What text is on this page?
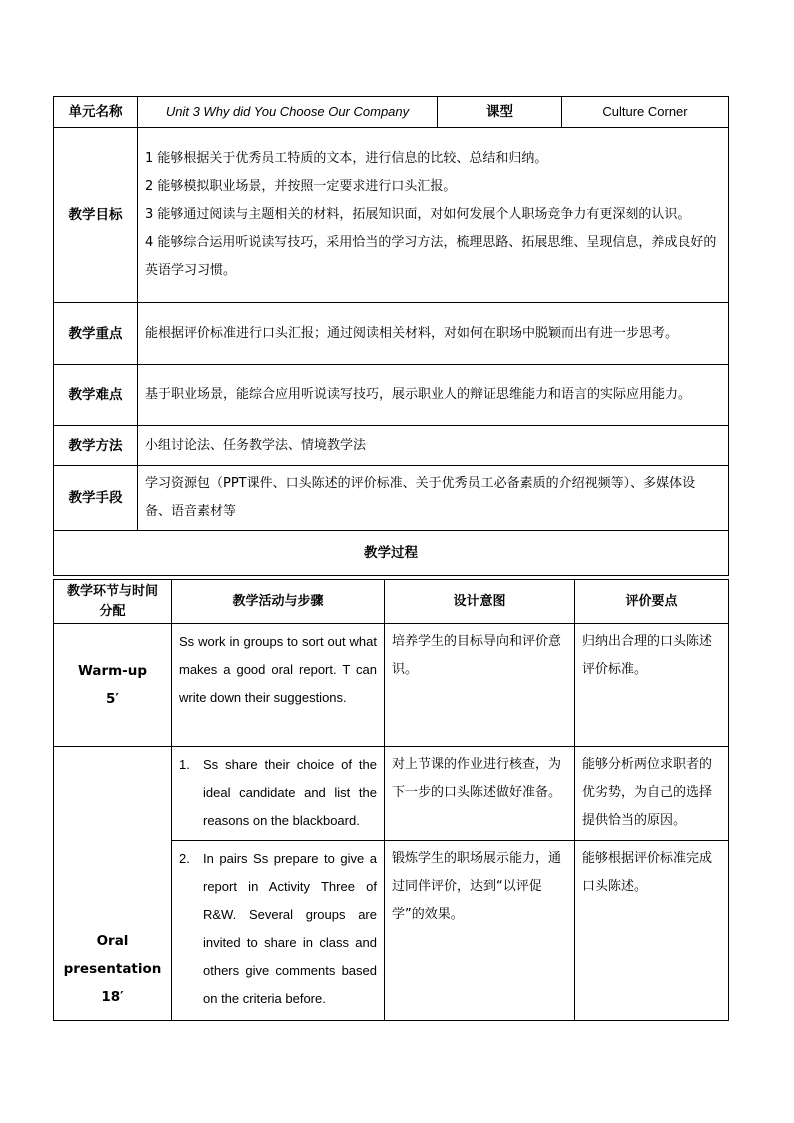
单元名称	Unit 3 Why did You Choose Our Company	课型	Culture Corner
教学目标	1 能够根据关于优秀员工特质的文本，进行信息的比较、总结和归纳。
2 能够模拟职业场景，并按照一定要求进行口头汇报。
3 能够通过阅读与主题相关的材料，拓展知识面，对如何发展个人职场竞争力有更深刻的认识。
4 能够综合运用听说读写技巧，采用恰当的学习方法，梳理思路、拓展思维、呈现信息，养成良好的英语学习习惯。		

教学重点	能根据评价标准进行口头汇报；通过阅读相关材料，对如何在职场中脱颖而出有进一步思考。		
教学难点	基于职业场景，能综合应用听说读写技巧，展示职业人的辩证思维能力和语言的实际应用能力。		
教学方法	小组讨论法、任务教学法、情境教学法		
教学手段	学习资源包（PPT课件、口头陈述的评价标准、关于优秀员工必备素质的介绍视频等）、多媒体设备、语音素材等		
教学过程			
教学环节与时间分配	教学活动与步骤	设计意图	评价要点

Warm-up
5′	Ss work in groups to sort out what makes a good oral report. T can write down their suggestions.	培养学生的目标导向和评价意识。	归纳出合理的口头陈述评价标准。

Oral
presentation
18′	1. Ss share their choice of the ideal candidate and list the reasons on the blackboard.	对上节课的作业进行核查，为下一步的口头陈述做好准备。	能够分析两位求职者的优劣势，为自己的选择提供恰当的原因。

	2. In pairs Ss prepare to give a report in Activity Three of R&W. Several groups are invited to share in class and others give comments based on the criteria before.	锻炼学生的职场展示能力，通过同伴评价，达到“以评促学”的效果。	能够根据评价标准完成口头陈述。
